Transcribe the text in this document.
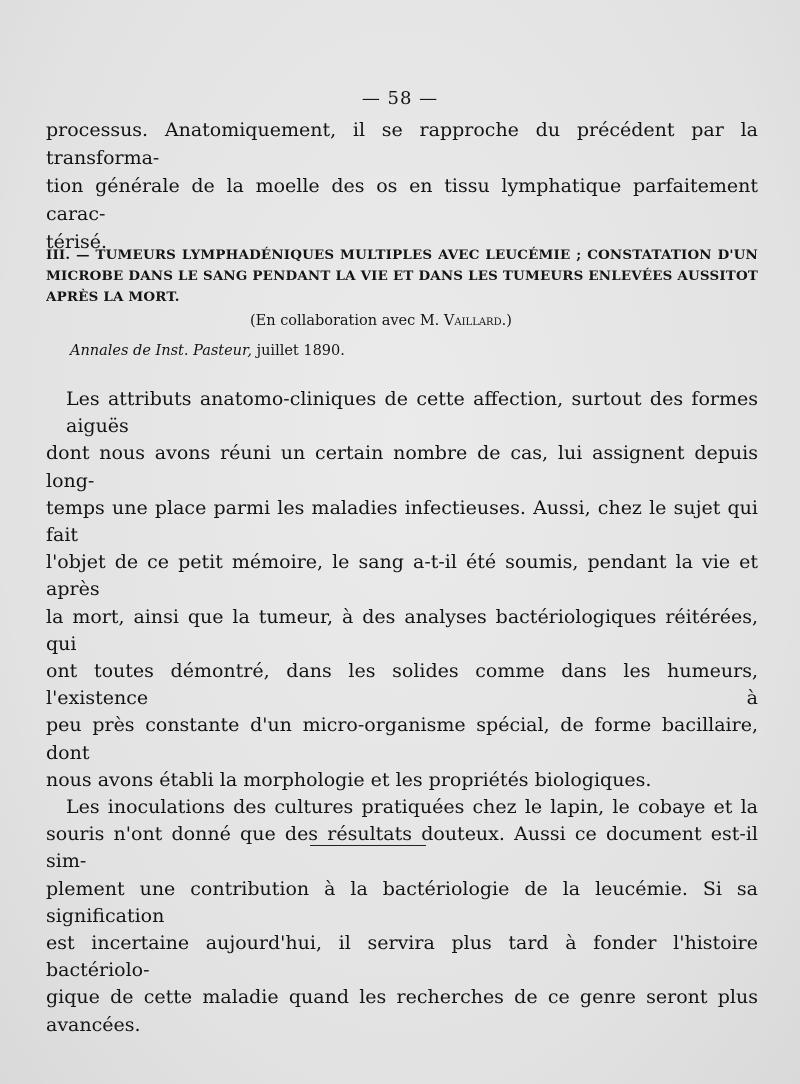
— 58 —
processus. Anatomiquement, il se rapproche du précédent par la transforma-
tion générale de la moelle des os en tissu lymphatique parfaitement carac-
térisé.
III. — TUMEURS LYMPHADÉNIQUES MULTIPLES AVEC LEUCÉMIE ; CONSTATATION D'UN
MICROBE DANS LE SANG PENDANT LA VIE ET DANS LES TUMEURS ENLEVÉES AUSSITOT
APRÈS LA MORT.
(En collaboration avec M. Vaillard.)
Annales de Inst. Pasteur, juillet 1890.
Les attributs anatomo-cliniques de cette affection, surtout des formes aiguës
dont nous avons réuni un certain nombre de cas, lui assignent depuis long-
temps une place parmi les maladies infectieuses. Aussi, chez le sujet qui fait
l'objet de ce petit mémoire, le sang a-t-il été soumis, pendant la vie et après
la mort, ainsi que la tumeur, à des analyses bactériologiques réitérées, qui
ont toutes démontré, dans les solides comme dans les humeurs, l'existence à
peu près constante d'un micro-organisme spécial, de forme bacillaire, dont
nous avons établi la morphologie et les propriétés biologiques.
Les inoculations des cultures pratiquées chez le lapin, le cobaye et la
souris n'ont donné que des résultats douteux. Aussi ce document est-il sim-
plement une contribution à la bactériologie de la leucémie. Si sa signification
est incertaine aujourd'hui, il servira plus tard à fonder l'histoire bactériolo-
gique de cette maladie quand les recherches de ce genre seront plus avancées.
